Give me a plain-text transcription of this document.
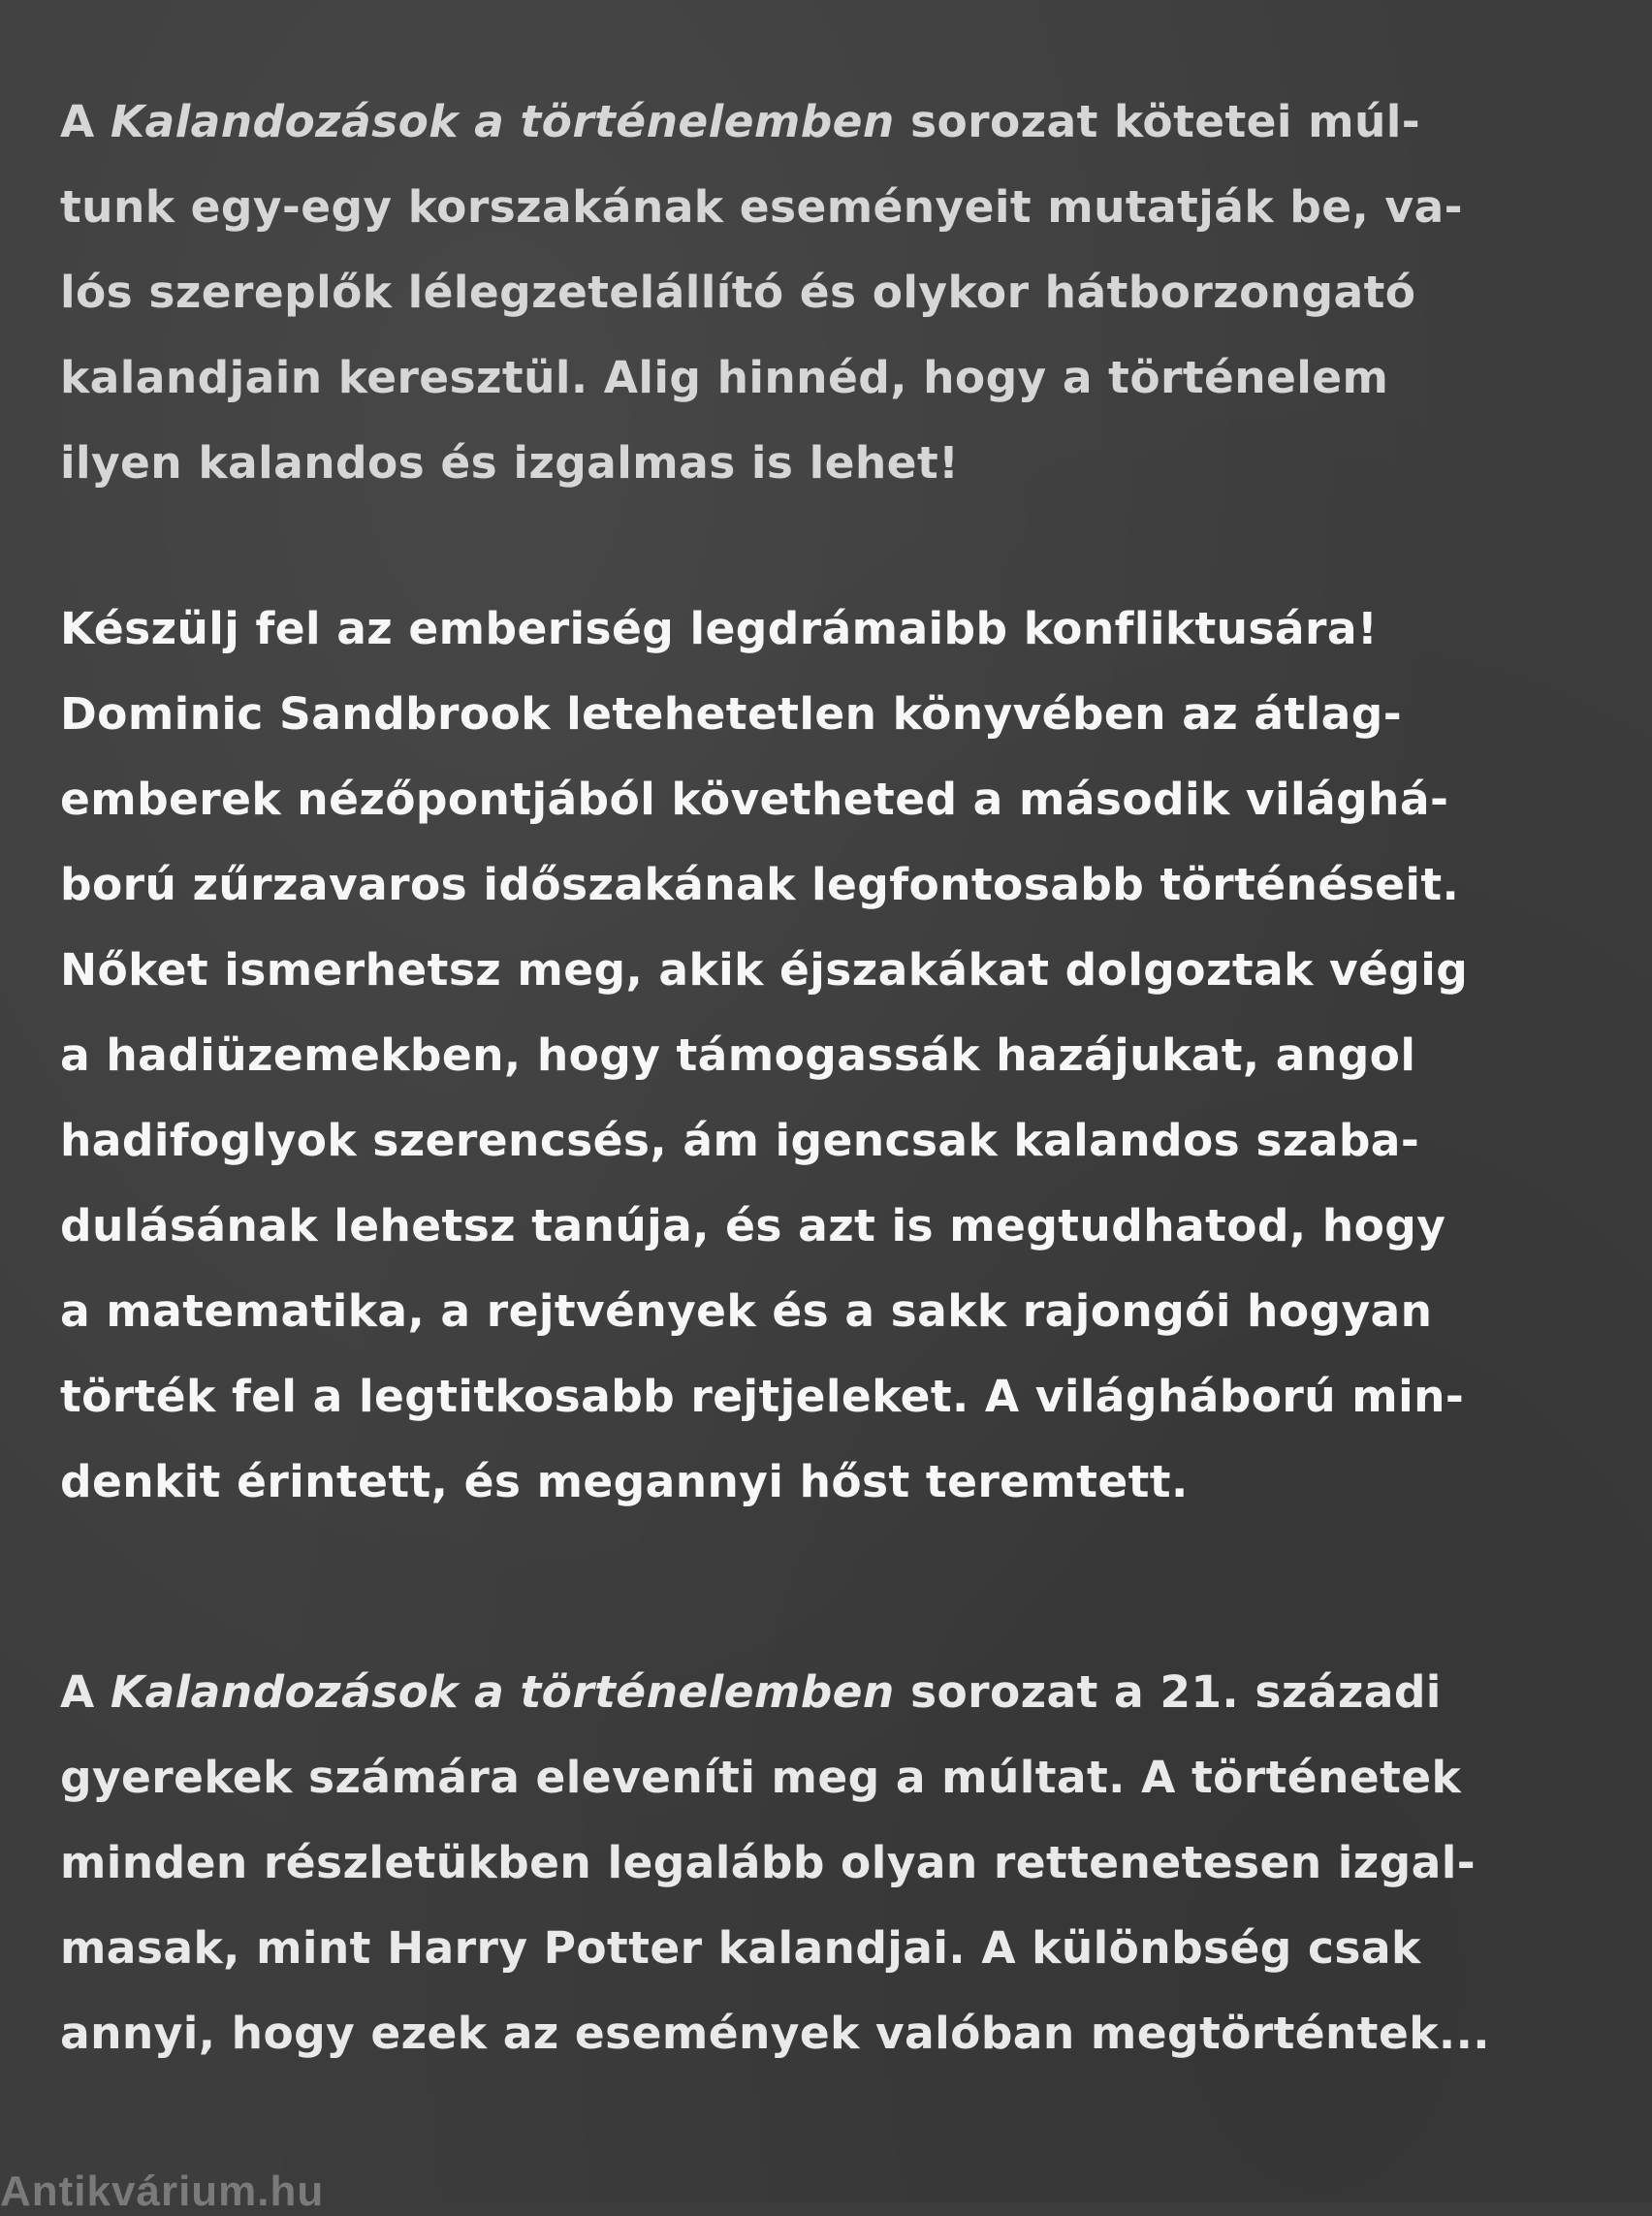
A Kalandozások a történelemben sorozat kötetei múl-
tunk egy-egy korszakának eseményeit mutatják be, va-
lós szereplők lélegzetelállító és olykor hátborzongató
kalandjain keresztül. Alig hinnéd, hogy a történelem
ilyen kalandos és izgalmas is lehet!

Készülj fel az emberiség legdrámaibb konfliktusára!
Dominic Sandbrook letehetetlen könyvében az átlag-
emberek nézőpontjából követheted a második világhá-
ború zűrzavaros időszakának legfontosabb történéseit.
Nőket ismerhetsz meg, akik éjszakákat dolgoztak végig
a hadiüzemekben, hogy támogassák hazájukat, angol
hadifoglyok szerencsés, ám igencsak kalandos szaba-
dulásának lehetsz tanúja, és azt is megtudhatod, hogy
a matematika, a rejtvények és a sakk rajongói hogyan
törték fel a legtitkosabb rejtjeleket. A világháború min-
denkit érintett, és megannyi hőst teremtett.

A Kalandozások a történelemben sorozat a 21. századi
gyerekek számára eleveníti meg a múltat. A történetek
minden részletükben legalább olyan rettenetesen izgal-
masak, mint Harry Potter kalandjai. A különbség csak
annyi, hogy ezek az események valóban megtörténtek...

Antikvárium.hu
